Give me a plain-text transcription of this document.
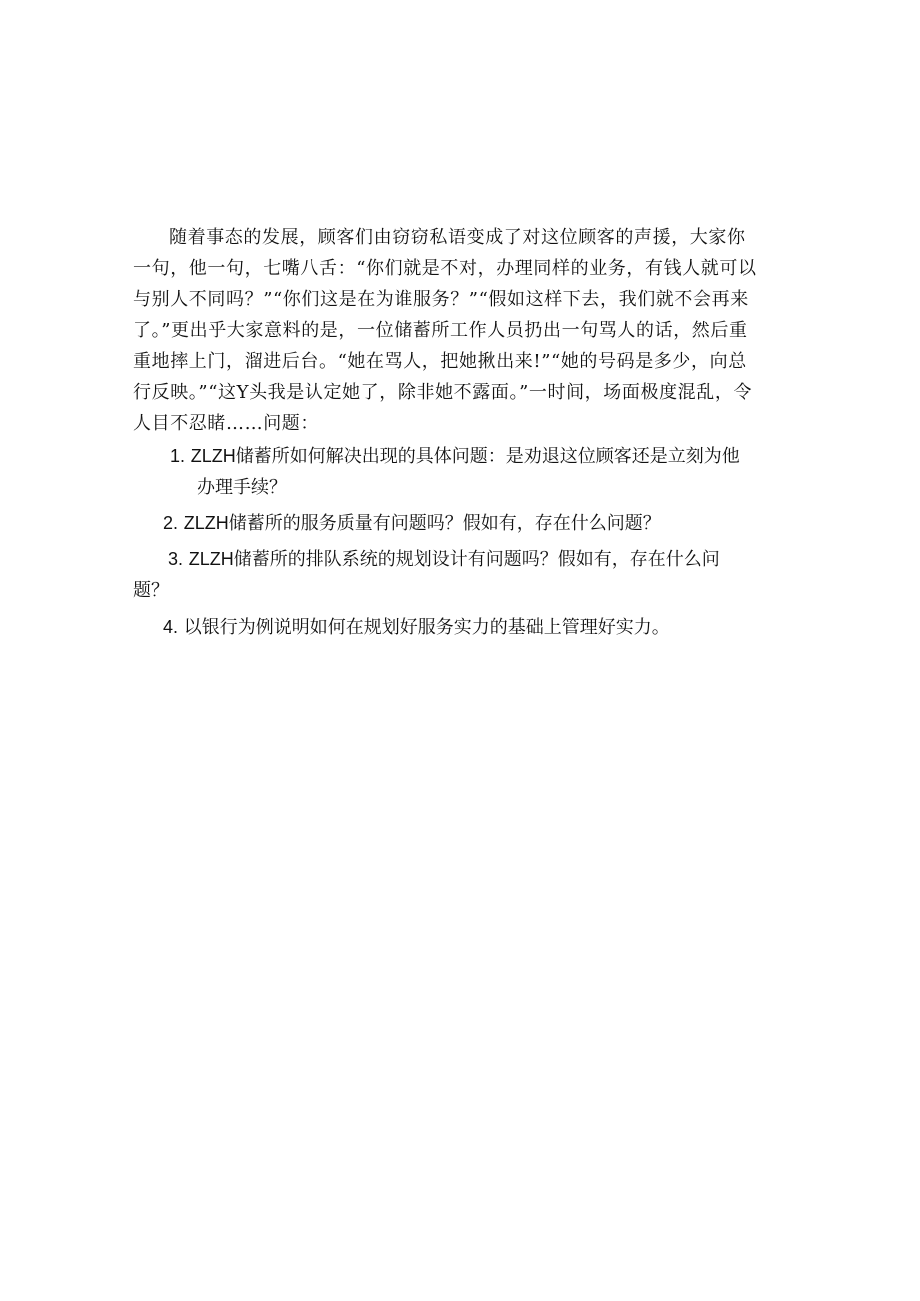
随着事态的发展，顾客们由窃窃私语变成了对这位顾客的声援，大家你一句，他一句，七嘴八舌：“你们就是不对，办理同样的业务，有钱人就可以与别人不同吗？”“你们这是在为谁服务？”“假如这样下去，我们就不会再来了。”更出乎大家意料的是，一位储蓄所工作人员扔出一句骂人的话，然后重重地摔上门，溜进后台。“她在骂人，把她揪出来!”“她的号码是多少，向总行反映。”“这Y头我是认定她了，除非她不露面。”一时间，场面极度混乱，令人目不忍睹……问题：

1. ZLZH储蓄所如何解决出现的具体问题：是劝退这位顾客还是立刻为他
办理手续？

2. ZLZH储蓄所的服务质量有问题吗？假如有，存在什么问题？

3. ZLZH储蓄所的排队系统的规划设计有问题吗？假如有，存在什么问
题？

4. 以银行为例说明如何在规划好服务实力的基础上管理好实力。
